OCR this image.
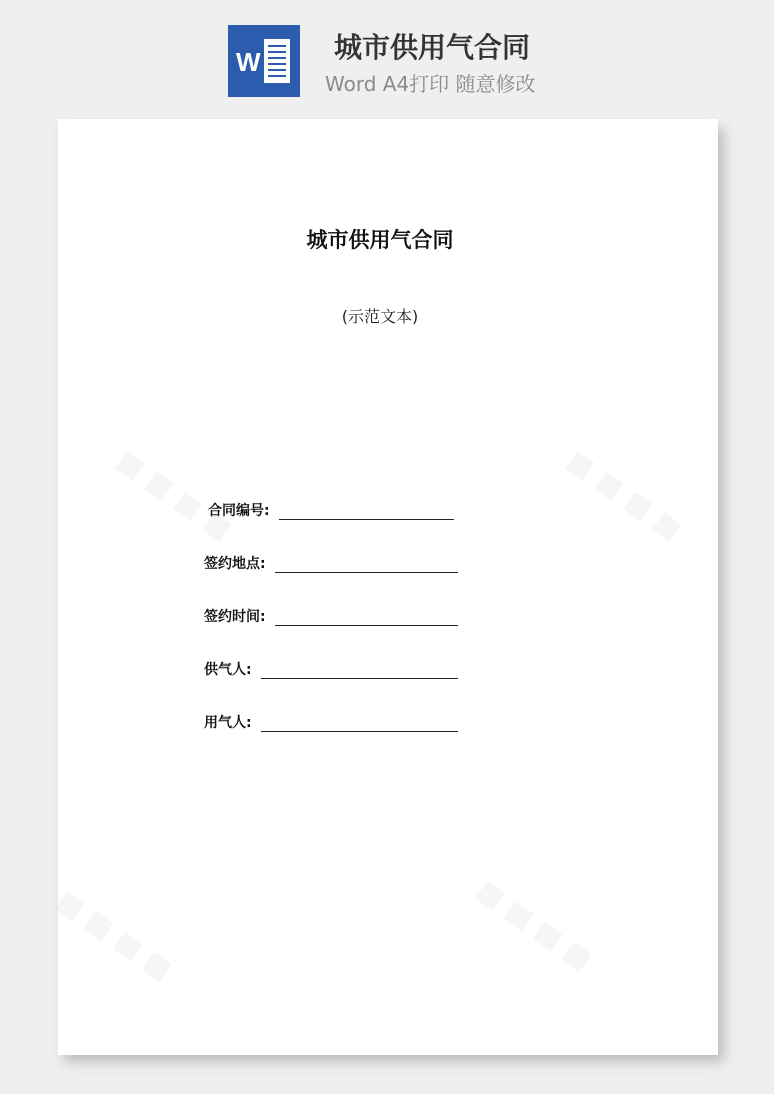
W	城市供用气合同
Word A4打印 随意修改
城市供用气合同
(示范文本)
合同编号:
签约地点:
签约时间:
供气人:
用气人:
